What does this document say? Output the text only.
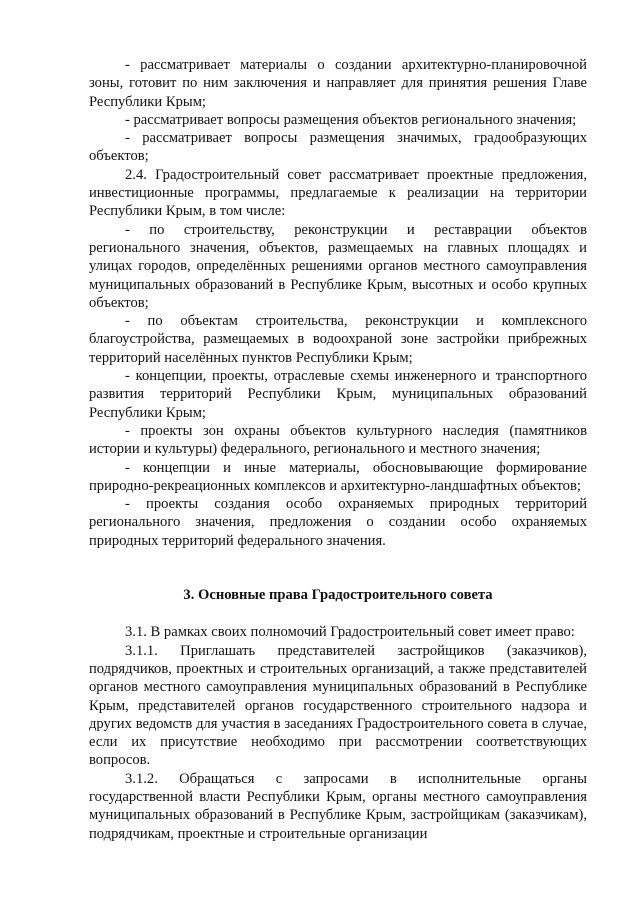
- рассматривает материалы о создании архитектурно-планировочной зоны, готовит по ним заключения и направляет для принятия решения Главе Республики Крым;

- рассматривает вопросы размещения объектов регионального значения;

- рассматривает вопросы размещения значимых, градообразующих объектов;

2.4. Градостроительный совет рассматривает проектные предложения, инвестиционные программы, предлагаемые к реализации на территории Республики Крым, в том числе:

- по строительству, реконструкции и реставрации объектов регионального значения, объектов, размещаемых на главных площадях и улицах городов, определённых решениями органов местного самоуправления муниципальных образований в Республике Крым, высотных и особо крупных объектов;

- по объектам строительства, реконструкции и комплексного благоустройства, размещаемых в водоохраной зоне застройки прибрежных территорий населённых пунктов Республики Крым;

- концепции, проекты, отраслевые схемы инженерного и транспортного развития территорий Республики Крым, муниципальных образований Республики Крым;

- проекты зон охраны объектов культурного наследия (памятников истории и культуры) федерального, регионального и местного значения;

- концепции и иные материалы, обосновывающие формирование природно-рекреационных комплексов и архитектурно-ландшафтных объектов;

- проекты создания особо охраняемых природных территорий регионального значения, предложения о создании особо охраняемых природных территорий федерального значения.

3. Основные права Градостроительного совета

3.1. В рамках своих полномочий Градостроительный совет имеет право:

3.1.1. Приглашать представителей застройщиков (заказчиков), подрядчиков, проектных и строительных организаций, а также представителей органов местного самоуправления муниципальных образований в Республике Крым, представителей органов государственного строительного надзора и других ведомств для участия в заседаниях Градостроительного совета в случае, если их присутствие необходимо при рассмотрении соответствующих вопросов.

3.1.2. Обращаться с запросами в исполнительные органы государственной власти Республики Крым, органы местного самоуправления муниципальных образований в Республике Крым, застройщикам (заказчикам), подрядчикам, проектные и строительные организации
